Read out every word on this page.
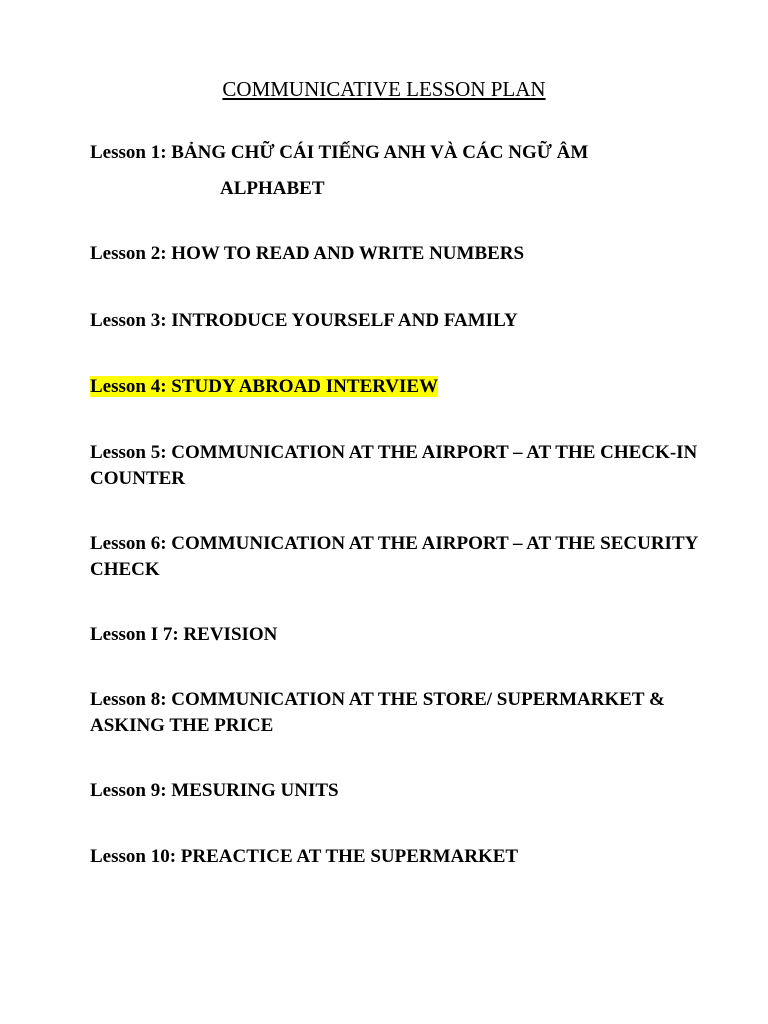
COMMUNICATIVE LESSON PLAN

Lesson 1: BẢNG CHỮ CÁI TIẾNG ANH VÀ CÁC NGỮ ÂM
ALPHABET

Lesson 2: HOW TO READ AND WRITE NUMBERS

Lesson 3: INTRODUCE YOURSELF AND FAMILY

Lesson 4: STUDY ABROAD INTERVIEW

Lesson 5: COMMUNICATION AT THE AIRPORT – AT THE CHECK-IN COUNTER

Lesson 6: COMMUNICATION AT THE AIRPORT – AT THE SECURITY CHECK

Lesson I 7: REVISION

Lesson 8: COMMUNICATION AT THE STORE/ SUPERMARKET & ASKING THE PRICE

Lesson 9: MESURING UNITS

Lesson 10: PREACTICE AT THE SUPERMARKET
